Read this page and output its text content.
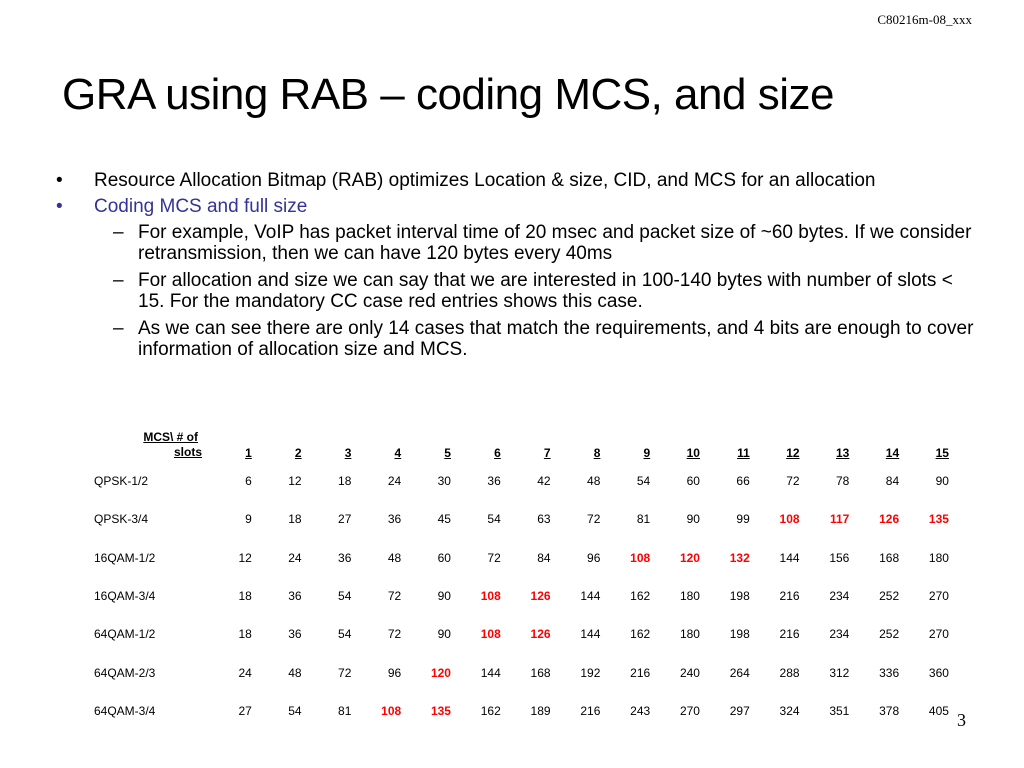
C80216m-08_xxx
GRA using RAB – coding MCS, and size
• Resource Allocation Bitmap (RAB) optimizes Location & size, CID, and MCS for an allocation
• Coding MCS and full size
– For example, VoIP has packet interval time of 20 msec and packet size of ~60 bytes. If we consider retransmission, then we can have 120 bytes every 40ms
– For allocation and size we can say that we are interested in 100-140 bytes with number of slots < 15. For the mandatory CC case red entries shows this case.
– As we can see there are only 14 cases that match the requirements, and 4 bits are enough to cover information of allocation size and MCS.
MCS\ # of
slots	1	2	3	4	5	6	7	8	9	10	11	12	13	14	15
QPSK-1/2	6	12	18	24	30	36	42	48	54	60	66	72	78	84	90
QPSK-3/4	9	18	27	36	45	54	63	72	81	90	99	108	117	126	135
16QAM-1/2	12	24	36	48	60	72	84	96	108	120	132	144	156	168	180
16QAM-3/4	18	36	54	72	90	108	126	144	162	180	198	216	234	252	270
64QAM-1/2	18	36	54	72	90	108	126	144	162	180	198	216	234	252	270
64QAM-2/3	24	48	72	96	120	144	168	192	216	240	264	288	312	336	360
64QAM-3/4	27	54	81	108	135	162	189	216	243	270	297	324	351	378	405 3
